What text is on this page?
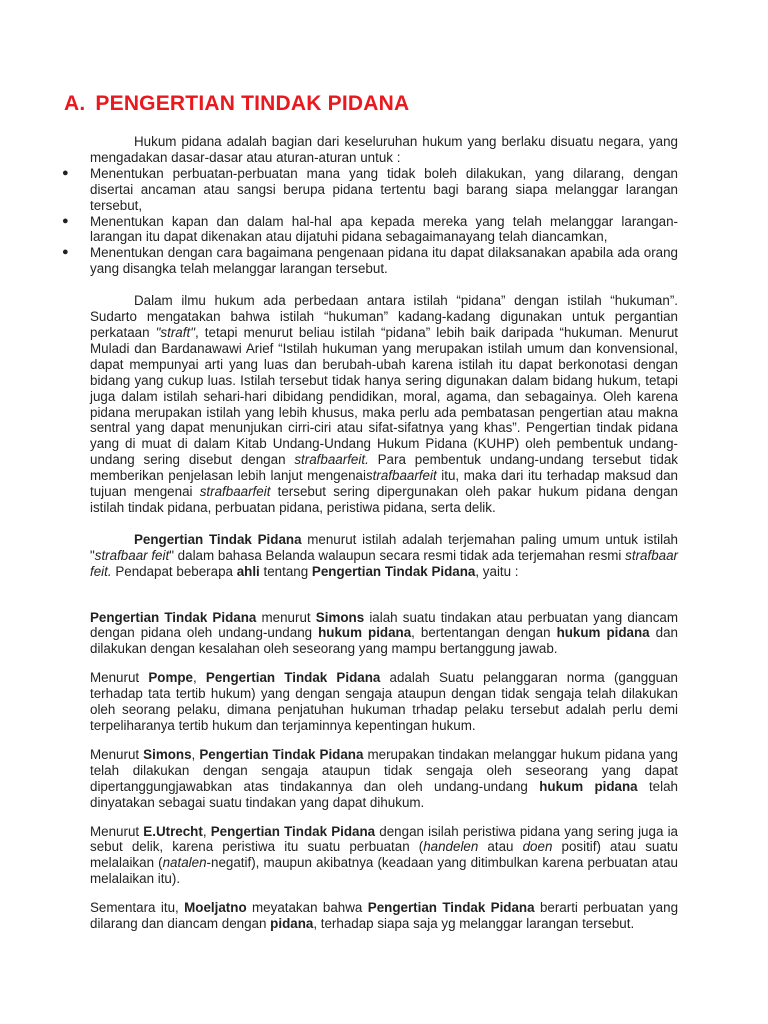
A. PENGERTIAN TINDAK PIDANA

Hukum pidana adalah bagian dari keseluruhan hukum yang berlaku disuatu negara, yang mengadakan dasar-dasar atau aturan-aturan untuk :

● Menentukan perbuatan-perbuatan mana yang tidak boleh dilakukan, yang dilarang, dengan disertai ancaman atau sangsi berupa pidana tertentu bagi barang siapa melanggar larangan tersebut,
● Menentukan kapan dan dalam hal-hal apa kepada mereka yang telah melanggar larangan-larangan itu dapat dikenakan atau dijatuhi pidana sebagaimanayang telah diancamkan,
● Menentukan dengan cara bagaimana pengenaan pidana itu dapat dilaksanakan apabila ada orang yang disangka telah melanggar larangan tersebut.

Dalam ilmu hukum ada perbedaan antara istilah “pidana” dengan istilah “hukuman”. Sudarto mengatakan bahwa istilah “hukuman” kadang-kadang digunakan untuk pergantian perkataan "straft", tetapi menurut beliau istilah “pidana” lebih baik daripada “hukuman. Menurut Muladi dan Bardanawawi Arief “Istilah hukuman yang merupakan istilah umum dan konvensional, dapat mempunyai arti yang luas dan berubah-ubah karena istilah itu dapat berkonotasi dengan bidang yang cukup luas. Istilah tersebut tidak hanya sering digunakan dalam bidang hukum, tetapi juga dalam istilah sehari-hari dibidang pendidikan, moral, agama, dan sebagainya. Oleh karena pidana merupakan istilah yang lebih khusus, maka perlu ada pembatasan pengertian atau makna sentral yang dapat menunjukan cirri-ciri atau sifat-sifatnya yang khas”. Pengertian tindak pidana yang di muat di dalam Kitab Undang-Undang Hukum Pidana (KUHP) oleh pembentuk undang-undang sering disebut dengan strafbaarfeit. Para pembentuk undang-undang tersebut tidak memberikan penjelasan lebih lanjut mengenaistrafbaarfeit itu, maka dari itu terhadap maksud dan tujuan mengenai strafbaarfeit tersebut sering dipergunakan oleh pakar hukum pidana dengan istilah tindak pidana, perbuatan pidana, peristiwa pidana, serta delik.

Pengertian Tindak Pidana menurut istilah adalah terjemahan paling umum untuk istilah "strafbaar feit" dalam bahasa Belanda walaupun secara resmi tidak ada terjemahan resmi strafbaar feit. Pendapat beberapa ahli tentang Pengertian Tindak Pidana, yaitu :

Pengertian Tindak Pidana menurut Simons ialah suatu tindakan atau perbuatan yang diancam dengan pidana oleh undang-undang hukum pidana, bertentangan dengan hukum pidana dan dilakukan dengan kesalahan oleh seseorang yang mampu bertanggung jawab.

Menurut Pompe, Pengertian Tindak Pidana adalah Suatu pelanggaran norma (gangguan terhadap tata tertib hukum) yang dengan sengaja ataupun dengan tidak sengaja telah dilakukan oleh seorang pelaku, dimana penjatuhan hukuman trhadap pelaku tersebut adalah perlu demi terpeliharanya tertib hukum dan terjaminnya kepentingan hukum.

Menurut Simons, Pengertian Tindak Pidana merupakan tindakan melanggar hukum pidana yang telah dilakukan dengan sengaja ataupun tidak sengaja oleh seseorang yang dapat dipertanggungjawabkan atas tindakannya dan oleh undang-undang hukum pidana telah dinyatakan sebagai suatu tindakan yang dapat dihukum.

Menurut E.Utrecht, Pengertian Tindak Pidana dengan isilah peristiwa pidana yang sering juga ia sebut delik, karena peristiwa itu suatu perbuatan (handelen atau doen positif) atau suatu melalaikan (natalen-negatif), maupun akibatnya (keadaan yang ditimbulkan karena perbuatan atau melalaikan itu).

Sementara itu, Moeljatno meyatakan bahwa Pengertian Tindak Pidana berarti perbuatan yang dilarang dan diancam dengan pidana, terhadap siapa saja yg melanggar larangan tersebut.
